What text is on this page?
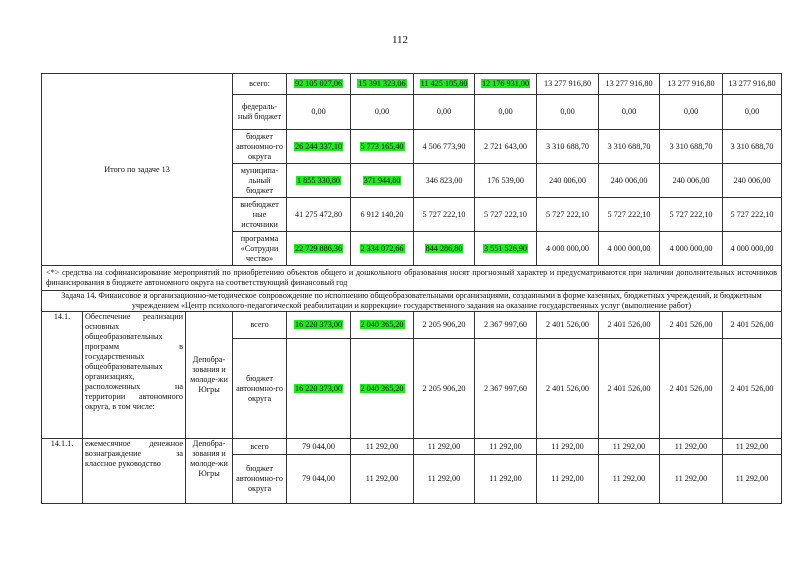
112
Итого по задаче 13			всего:	92 105 027,06	15 391 323,06	11 425 105,80	12 176 931,00	13 277 916,80	13 277 916,80	13 277 916,80	13 277 916,80
			федераль-ный бюджет	0,00	0,00	0,00	0,00	0,00	0,00	0,00	0,00
			бюджет автономно-го округа	26 244 337,10	5 773 165,40	4 506 773,90	2 721 643,00	3 310 688,70	3 310 688,70	3 310 688,70	3 310 688,70
			муниципа-льный бюджет	1 855 330,80	371 944,80	346 823,00	176 539,00	240 006,00	240 006,00	240 006,00	240 006,00
			внебюджет ные источники	41 275 472,80	6 912 140,20	5 727 222,10	5 727 222,10	5 727 222,10	5 727 222,10	5 727 222,10	5 727 222,10
			программа «Сотрудни чество»	22 729 886,36	2 334 072,66	844 286,80	3 551 526,90	4 000 000,00	4 000 000,00	4 000 000,00	4 000 000,00
<*> средства на софинансирование мероприятий по приобретению объектов общего и дошкольного образования носят прогнозный характер и предусматриваются при наличии дополнительных источников финансирования в бюджете автономного округа на соответствующий финансовый год											
Задача 14. Финансовое и организационно-методическое сопровождение по исполнению общеобразовательными организациями, созданными в форме казенных, бюджетных учреждений, и бюджетным учреждением «Центр психолого-педагогической реабилитации и коррекции» государственного задания на оказание государственных услуг (выполнение работ)											
14.1.	Обеспечение реализации основных общеобразовательных программ в государственных общеобразовательных организациях, расположенных на территории автономного округа, в том числе:	Депобра-зования и молоде-жи Югры	всего	16 220 373,00	2 040 365,20	2 205 906,20	2 367 997,60	2 401 526,00	2 401 526,00	2 401 526,00	2 401 526,00
			бюджет автономно-го округа	16 220 373,00	2 040 365,20	2 205 906,20	2 367 997,60	2 401 526,00	2 401 526,00	2 401 526,00	2 401 526,00
14.1.1.	ежемесячное денежное вознаграждение за классное руководство	Депобра-зования и молоде-жи Югры	всего	79 044,00	11 292,00	11 292,00	11 292,00	11 292,00	11 292,00	11 292,00	11 292,00
			бюджет автономно-го округа	79 044,00	11 292,00	11 292,00	11 292,00	11 292,00	11 292,00	11 292,00	11 292,00
